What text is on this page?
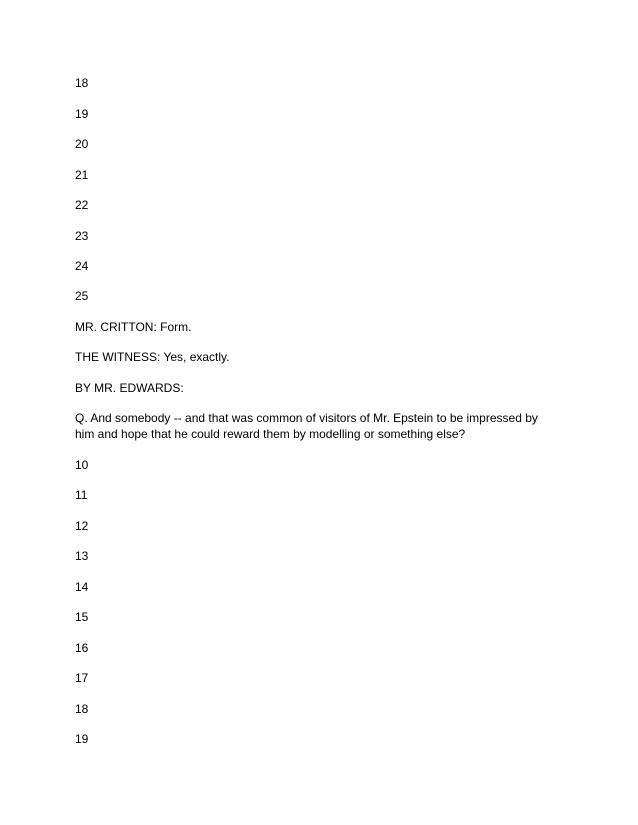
18
19
20
21
22
23
24
25
MR. CRITTON: Form.
THE WITNESS: Yes, exactly.
BY MR. EDWARDS:
Q. And somebody -- and that was common of visitors of Mr. Epstein to be impressed by him and hope that he could reward them by modelling or something else?
10
11
12
13
14
15
16
17
18
19
